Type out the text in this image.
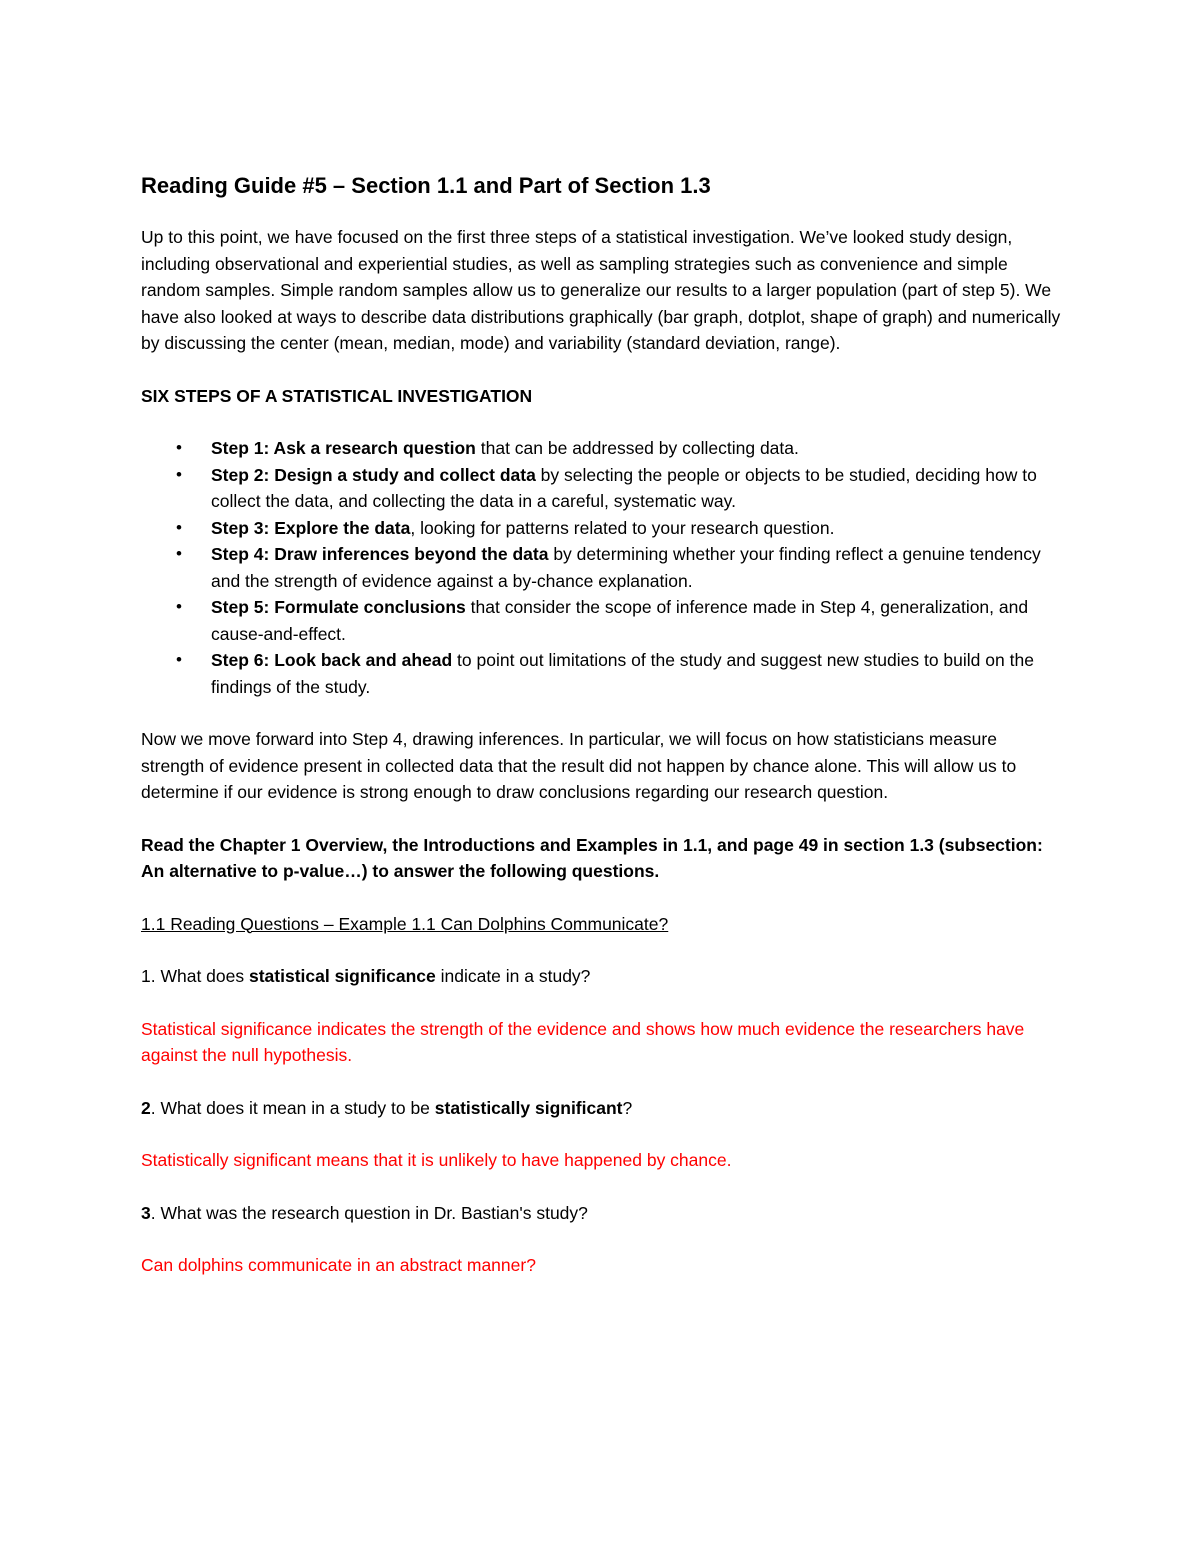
Reading Guide #5 – Section 1.1 and Part of Section 1.3

Up to this point, we have focused on the first three steps of a statistical investigation. We’ve looked study design, including observational and experiential studies, as well as sampling strategies such as convenience and simple random samples. Simple random samples allow us to generalize our results to a larger population (part of step 5). We have also looked at ways to describe data distributions graphically (bar graph, dotplot, shape of graph) and numerically by discussing the center (mean, median, mode) and variability (standard deviation, range).

SIX STEPS OF A STATISTICAL INVESTIGATION
• Step 1: Ask a research question that can be addressed by collecting data.
• Step 2: Design a study and collect data by selecting the people or objects to be studied, deciding how to collect the data, and collecting the data in a careful, systematic way.
• Step 3: Explore the data, looking for patterns related to your research question.
• Step 4: Draw inferences beyond the data by determining whether your finding reflect a genuine tendency and the strength of evidence against a by-chance explanation.
• Step 5: Formulate conclusions that consider the scope of inference made in Step 4, generalization, and cause-and-effect.
• Step 6: Look back and ahead to point out limitations of the study and suggest new studies to build on the findings of the study.

Now we move forward into Step 4, drawing inferences. In particular, we will focus on how statisticians measure strength of evidence present in collected data that the result did not happen by chance alone. This will allow us to determine if our evidence is strong enough to draw conclusions regarding our research question.

Read the Chapter 1 Overview, the Introductions and Examples in 1.1, and page 49 in section 1.3 (subsection: An alternative to p-value…) to answer the following questions.

1.1 Reading Questions – Example 1.1 Can Dolphins Communicate?

1. What does statistical significance indicate in a study?

Statistical significance indicates the strength of the evidence and shows how much evidence the researchers have against the null hypothesis.

2. What does it mean in a study to be statistically significant?

Statistically significant means that it is unlikely to have happened by chance.

3. What was the research question in Dr. Bastian's study?

Can dolphins communicate in an abstract manner?
